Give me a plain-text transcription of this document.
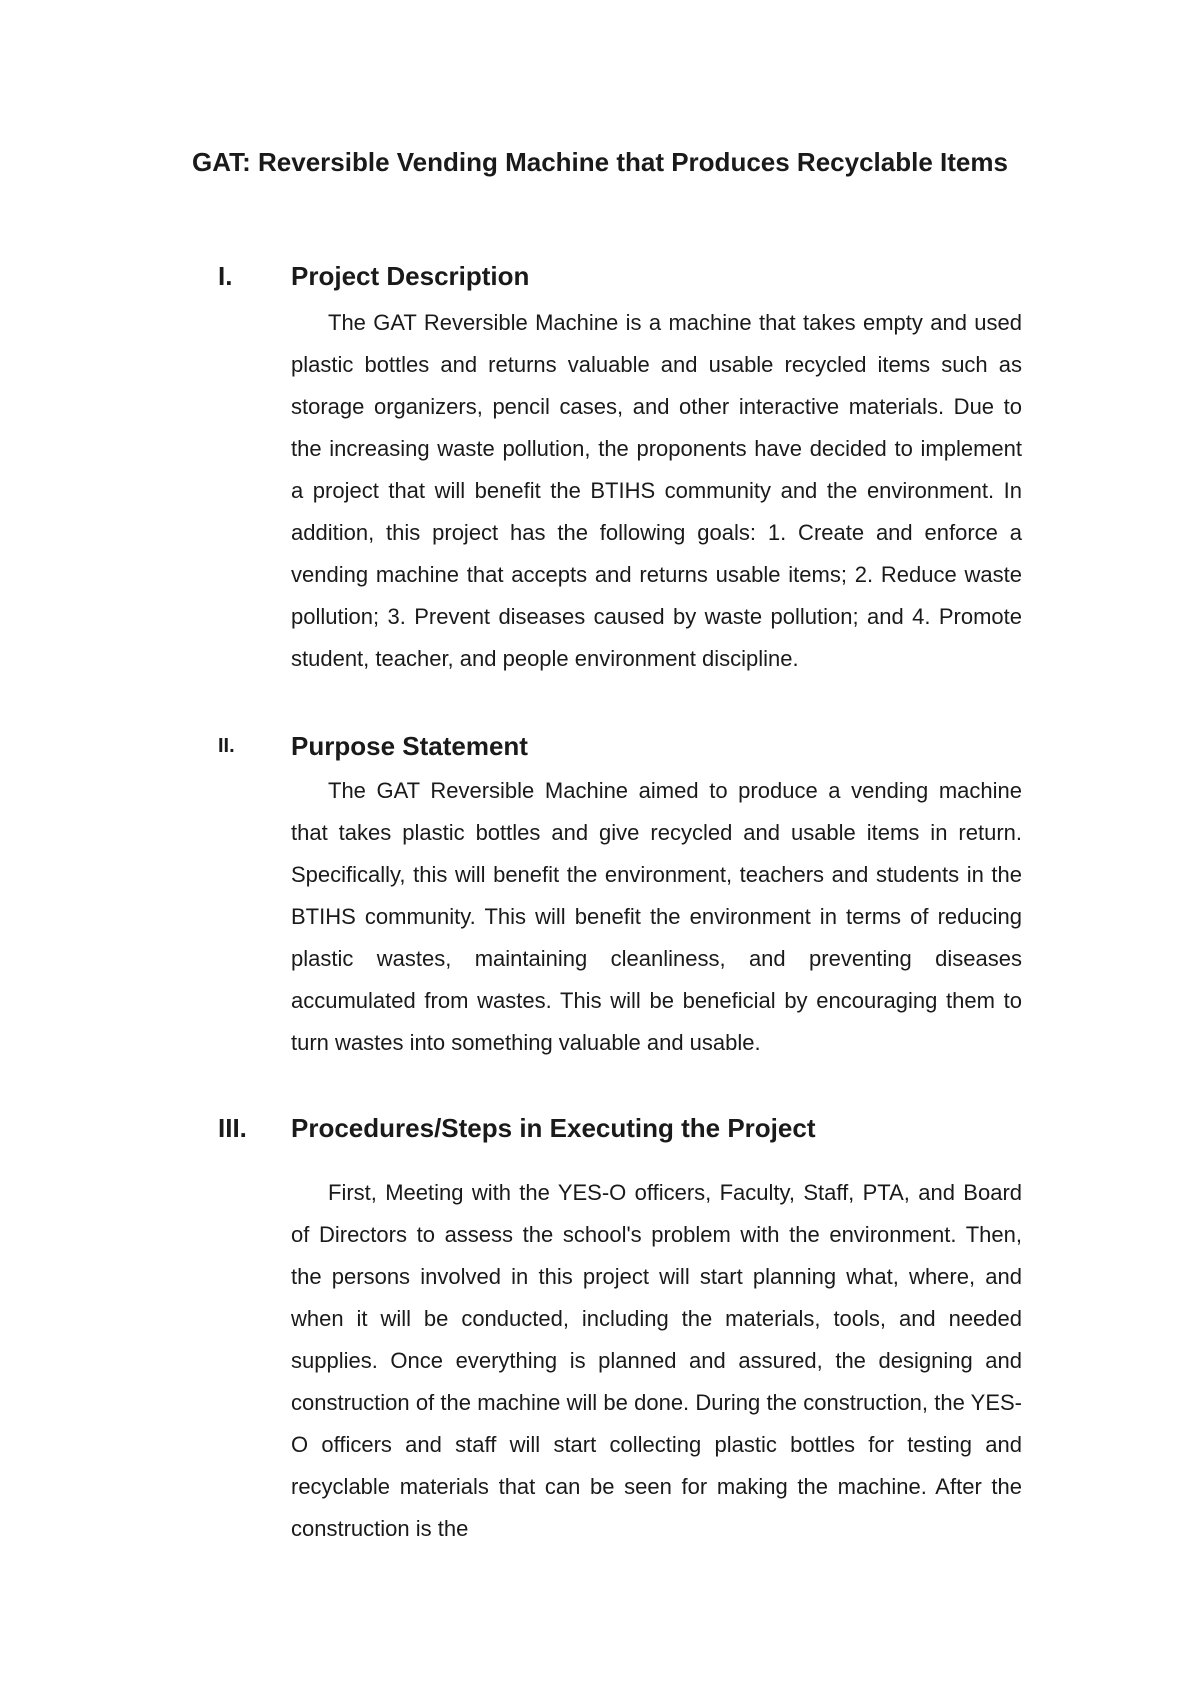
GAT: Reversible Vending Machine that Produces Recyclable Items
I. Project Description

The GAT Reversible Machine is a machine that takes empty and used plastic bottles and returns valuable and usable recycled items such as storage organizers, pencil cases, and other interactive materials. Due to the increasing waste pollution, the proponents have decided to implement a project that will benefit the BTIHS community and the environment. In addition, this project has the following goals: 1. Create and enforce a vending machine that accepts and returns usable items; 2. Reduce waste pollution; 3. Prevent diseases caused by waste pollution; and 4. Promote student, teacher, and people environment discipline.

II. Purpose Statement

The GAT Reversible Machine aimed to produce a vending machine that takes plastic bottles and give recycled and usable items in return. Specifically, this will benefit the environment, teachers and students in the BTIHS community. This will benefit the environment in terms of reducing plastic wastes, maintaining cleanliness, and preventing diseases accumulated from wastes. This will be beneficial by encouraging them to turn wastes into something valuable and usable.

III. Procedures/Steps in Executing the Project

First, Meeting with the YES-O officers, Faculty, Staff, PTA, and Board of Directors to assess the school's problem with the environment. Then, the persons involved in this project will start planning what, where, and when it will be conducted, including the materials, tools, and needed supplies. Once everything is planned and assured, the designing and construction of the machine will be done. During the construction, the YES-O officers and staff will start collecting plastic bottles for testing and recyclable materials that can be seen for making the machine. After the construction is the
